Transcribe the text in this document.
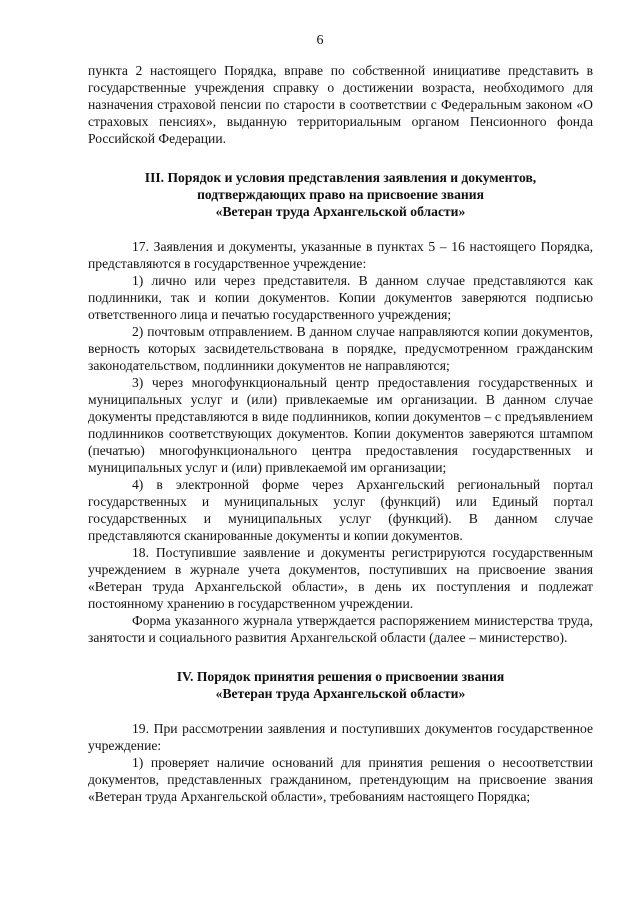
6

пункта 2 настоящего Порядка, вправе по собственной инициативе представить в государственные учреждения справку о достижении возраста, необходимого для назначения страховой пенсии по старости в соответствии с Федеральным законом «О страховых пенсиях», выданную территориальным органом Пенсионного фонда Российской Федерации.

III. Порядок и условия представления заявления и документов,
подтверждающих право на присвоение звания
«Ветеран труда Архангельской области»

17. Заявления и документы, указанные в пунктах 5 – 16 настоящего Порядка, представляются в государственное учреждение:

1) лично или через представителя. В данном случае представляются как подлинники, так и копии документов. Копии документов заверяются подписью ответственного лица и печатью государственного учреждения;

2) почтовым отправлением. В данном случае направляются копии документов, верность которых засвидетельствована в порядке, предусмотренном гражданским законодательством, подлинники документов не направляются;

3) через многофункциональный центр предоставления государственных и муниципальных услуг и (или) привлекаемые им организации. В данном случае документы представляются в виде подлинников, копии документов – с предъявлением подлинников соответствующих документов. Копии документов заверяются штампом (печатью) многофункционального центра предоставления государственных и муниципальных услуг и (или) привлекаемой им организации;

4) в электронной форме через Архангельский региональный портал государственных и муниципальных услуг (функций) или Единый портал государственных и муниципальных услуг (функций). В данном случае представляются сканированные документы и копии документов.

18. Поступившие заявление и документы регистрируются государственным учреждением в журнале учета документов, поступивших на присвоение звания «Ветеран труда Архангельской области», в день их поступления и подлежат постоянному хранению в государственном учреждении.

Форма указанного журнала утверждается распоряжением министерства труда, занятости и социального развития Архангельской области (далее – министерство).

IV. Порядок принятия решения о присвоении звания
«Ветеран труда Архангельской области»

19. При рассмотрении заявления и поступивших документов государственное учреждение:

1) проверяет наличие оснований для принятия решения о несоответствии документов, представленных гражданином, претендующим на присвоение звания «Ветеран труда Архангельской области», требованиям настоящего Порядка;
